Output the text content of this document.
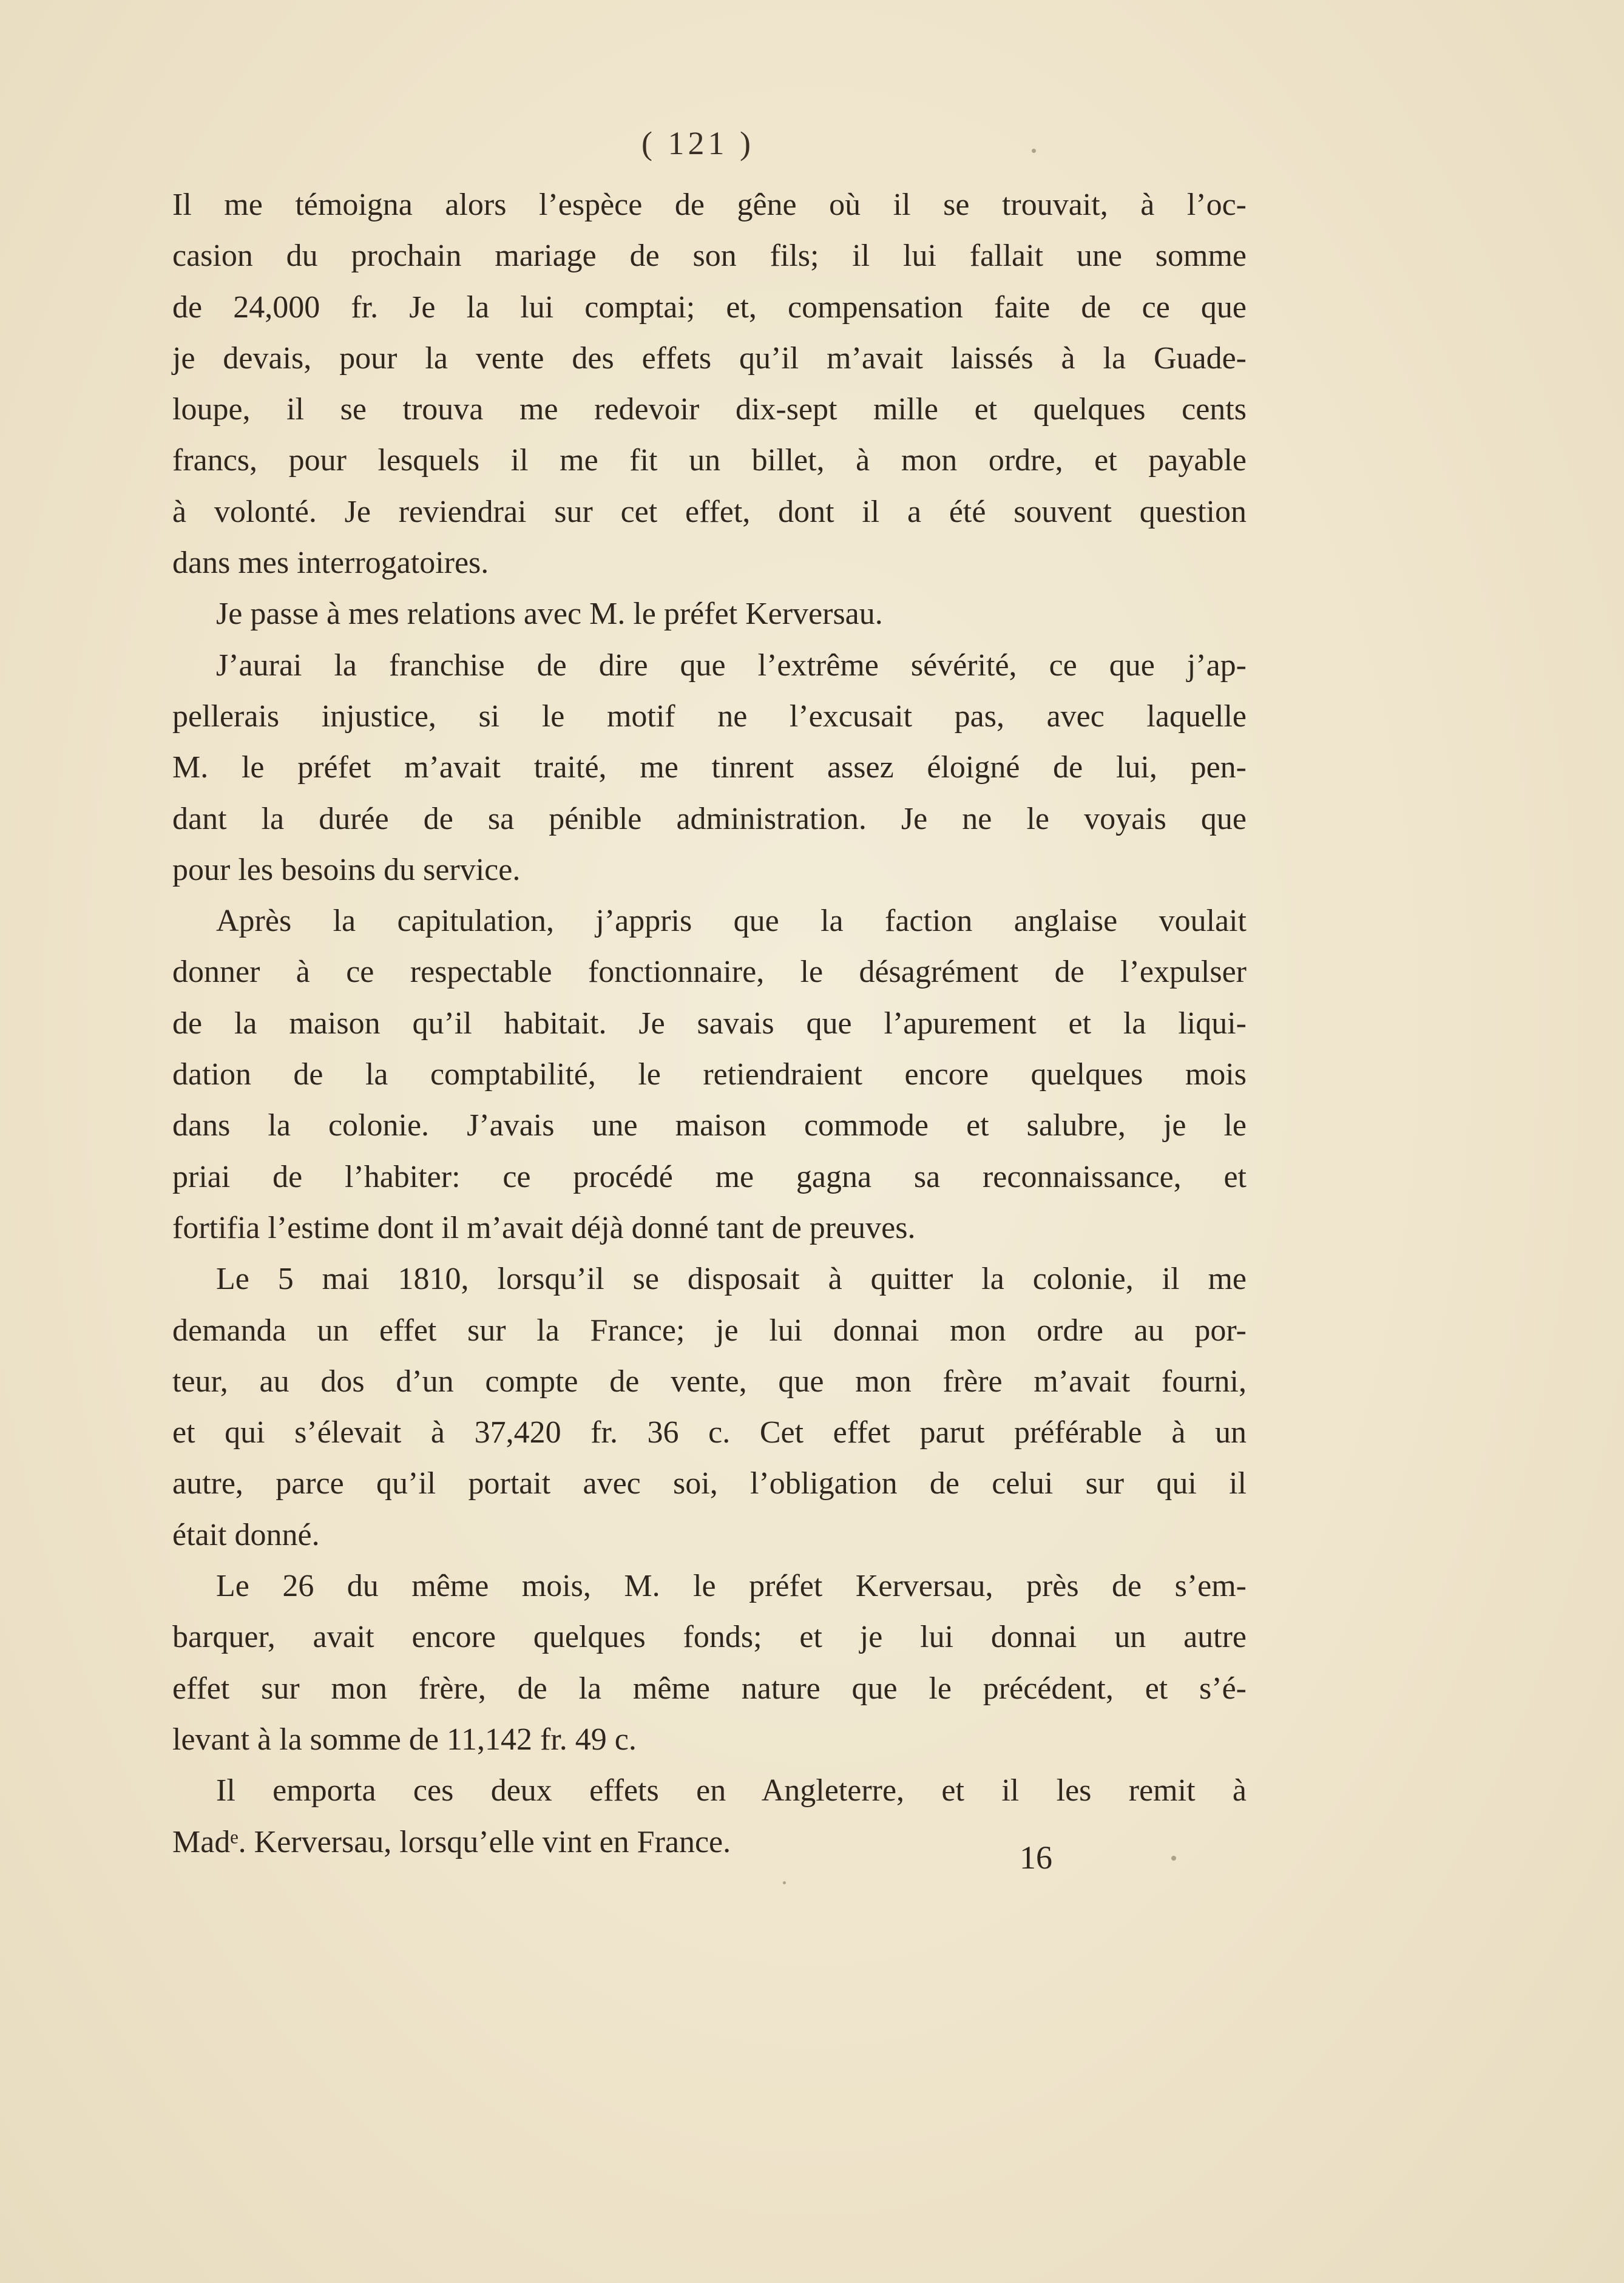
( 121 )
Il me témoigna alors l’espèce de gêne où il se trouvait, à l’oc-
casion du prochain mariage de son fils; il lui fallait une somme
de 24,000 fr. Je la lui comptai; et, compensation faite de ce que
je devais, pour la vente des effets qu’il m’avait laissés à la Guade-
loupe, il se trouva me redevoir dix-sept mille et quelques cents
francs, pour lesquels il me fit un billet, à mon ordre, et payable
à volonté. Je reviendrai sur cet effet, dont il a été souvent question
dans mes interrogatoires.
Je passe à mes relations avec M. le préfet Kerversau.
J’aurai la franchise de dire que l’extrême sévérité, ce que j’ap-
pellerais injustice, si le motif ne l’excusait pas, avec laquelle
M. le préfet m’avait traité, me tinrent assez éloigné de lui, pen-
dant la durée de sa pénible administration. Je ne le voyais que
pour les besoins du service.
Après la capitulation, j’appris que la faction anglaise voulait
donner à ce respectable fonctionnaire, le désagrément de l’expulser
de la maison qu’il habitait. Je savais que l’apurement et la liqui-
dation de la comptabilité, le retiendraient encore quelques mois
dans la colonie. J’avais une maison commode et salubre, je le
priai de l’habiter: ce procédé me gagna sa reconnaissance, et
fortifia l’estime dont il m’avait déjà donné tant de preuves.
Le 5 mai 1810, lorsqu’il se disposait à quitter la colonie, il me
demanda un effet sur la France; je lui donnai mon ordre au por-
teur, au dos d’un compte de vente, que mon frère m’avait fourni,
et qui s’élevait à 37,420 fr. 36 c. Cet effet parut préférable à un
autre, parce qu’il portait avec soi, l’obligation de celui sur qui il
était donné.
Le 26 du même mois, M. le préfet Kerversau, près de s’em-
barquer, avait encore quelques fonds; et je lui donnai un autre
effet sur mon frère, de la même nature que le précédent, et s’é-
levant à la somme de 11,142 fr. 49 c.
Il emporta ces deux effets en Angleterre, et il les remit à
Madᵉ. Kerversau, lorsqu’elle vint en France.	16
